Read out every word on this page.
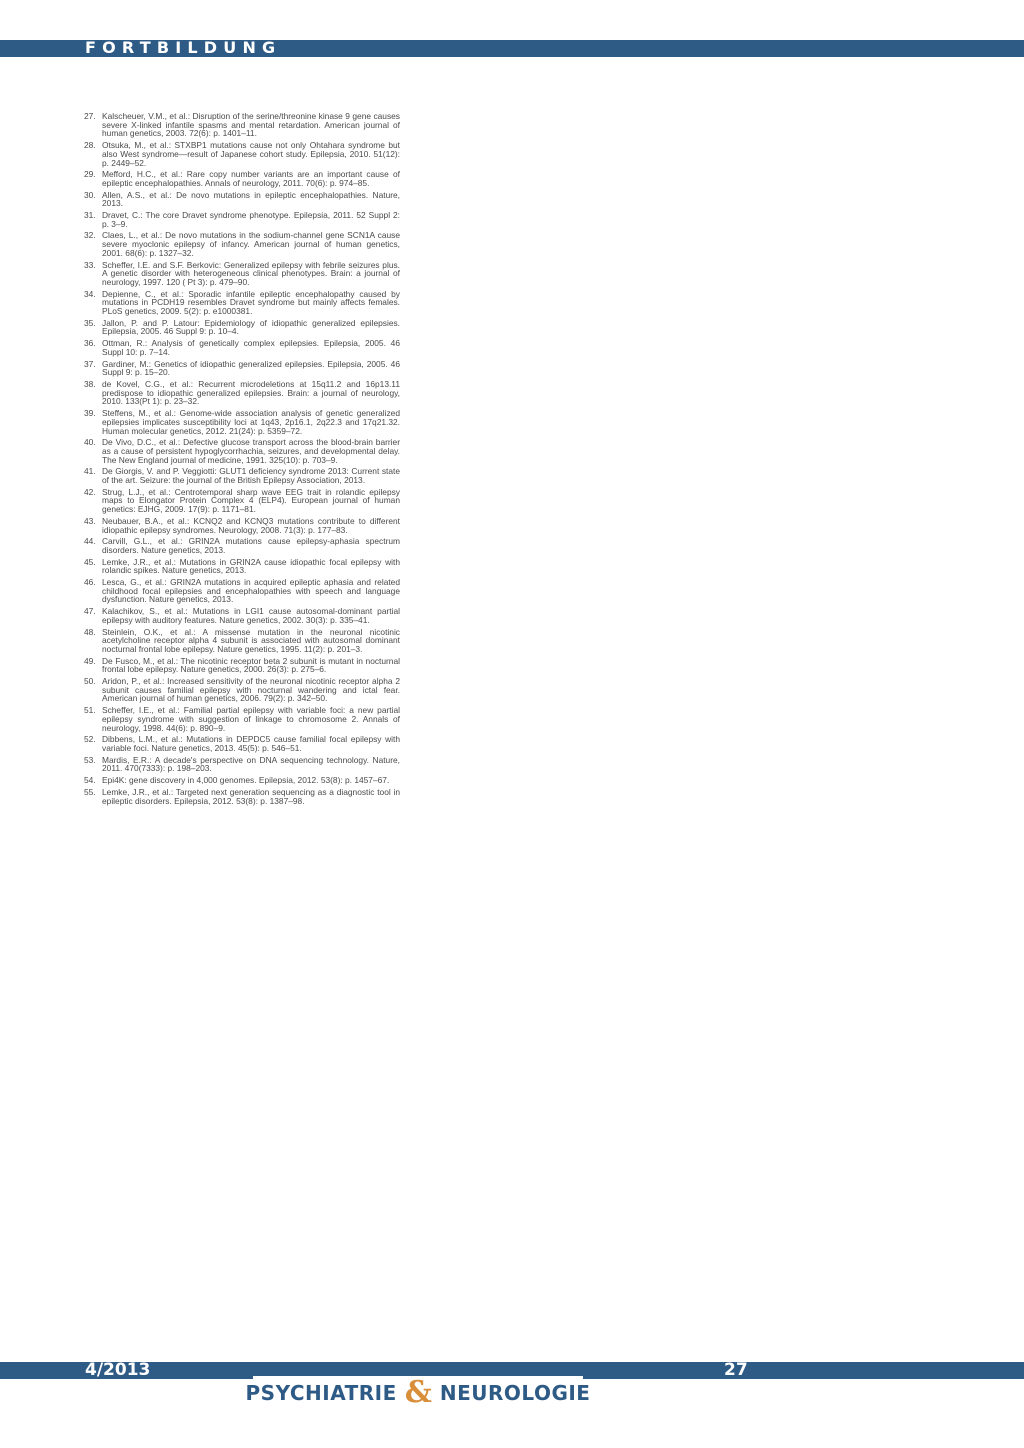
FORTBILDUNG
27. Kalscheuer, V.M., et al.: Disruption of the serine/threonine kinase 9 gene causes severe X-linked infantile spasms and mental retardation. American journal of human genetics, 2003. 72(6): p. 1401–11.
28. Otsuka, M., et al.: STXBP1 mutations cause not only Ohtahara syndrome but also West syndrome—result of Japanese cohort study. Epilepsia, 2010. 51(12): p. 2449–52.
29. Mefford, H.C., et al.: Rare copy number variants are an important cause of epileptic encephalopathies. Annals of neurology, 2011. 70(6): p. 974–85.
30. Allen, A.S., et al.: De novo mutations in epileptic encephalopathies. Nature, 2013.
31. Dravet, C.: The core Dravet syndrome phenotype. Epilepsia, 2011. 52 Suppl 2: p. 3–9.
32. Claes, L., et al.: De novo mutations in the sodium-channel gene SCN1A cause severe myoclonic epilepsy of infancy. American journal of human genetics, 2001. 68(6): p. 1327–32.
33. Scheffer, I.E. and S.F. Berkovic: Generalized epilepsy with febrile seizures plus. A genetic disorder with heterogeneous clinical phenotypes. Brain: a journal of neurology, 1997. 120 ( Pt 3): p. 479–90.
34. Depienne, C., et al.: Sporadic infantile epileptic encephalopathy caused by mutations in PCDH19 resembles Dravet syndrome but mainly affects females. PLoS genetics, 2009. 5(2): p. e1000381.
35. Jallon, P. and P. Latour: Epidemiology of idiopathic generalized epilepsies. Epilepsia, 2005. 46 Suppl 9: p. 10–4.
36. Ottman, R.: Analysis of genetically complex epilepsies. Epilepsia, 2005. 46 Suppl 10: p. 7–14.
37. Gardiner, M.: Genetics of idiopathic generalized epilepsies. Epilepsia, 2005. 46 Suppl 9: p. 15–20.
38. de Kovel, C.G., et al.: Recurrent microdeletions at 15q11.2 and 16p13.11 predispose to idiopathic generalized epilepsies. Brain: a journal of neurology, 2010. 133(Pt 1): p. 23–32.
39. Steffens, M., et al.: Genome-wide association analysis of genetic generalized epilepsies implicates susceptibility loci at 1q43, 2p16.1, 2q22.3 and 17q21.32. Human molecular genetics, 2012. 21(24): p. 5359–72.
40. De Vivo, D.C., et al.: Defective glucose transport across the blood-brain barrier as a cause of persistent hypoglycorrhachia, seizures, and developmental delay. The New England journal of medicine, 1991. 325(10): p. 703–9.
41. De Giorgis, V. and P. Veggiotti: GLUT1 deficiency syndrome 2013: Current state of the art. Seizure: the journal of the British Epilepsy Association, 2013.
42. Strug, L.J., et al.: Centrotemporal sharp wave EEG trait in rolandic epilepsy maps to Elongator Protein Complex 4 (ELP4). European journal of human genetics: EJHG, 2009. 17(9): p. 1171–81.
43. Neubauer, B.A., et al.: KCNQ2 and KCNQ3 mutations contribute to different idiopathic epilepsy syndromes. Neurology, 2008. 71(3): p. 177–83.
44. Carvill, G.L., et al.: GRIN2A mutations cause epilepsy-aphasia spectrum disorders. Nature genetics, 2013.
45. Lemke, J.R., et al.: Mutations in GRIN2A cause idiopathic focal epilepsy with rolandic spikes. Nature genetics, 2013.
46. Lesca, G., et al.: GRIN2A mutations in acquired epileptic aphasia and related childhood focal epilepsies and encephalopathies with speech and language dysfunction. Nature genetics, 2013.
47. Kalachikov, S., et al.: Mutations in LGI1 cause autosomal-dominant partial epilepsy with auditory features. Nature genetics, 2002. 30(3): p. 335–41.
48. Steinlein, O.K., et al.: A missense mutation in the neuronal nicotinic acetylcholine receptor alpha 4 subunit is associated with autosomal dominant nocturnal frontal lobe epilepsy. Nature genetics, 1995. 11(2): p. 201–3.
49. De Fusco, M., et al.: The nicotinic receptor beta 2 subunit is mutant in nocturnal frontal lobe epilepsy. Nature genetics, 2000. 26(3): p. 275–6.
50. Aridon, P., et al.: Increased sensitivity of the neuronal nicotinic receptor alpha 2 subunit causes familial epilepsy with nocturnal wandering and ictal fear. American journal of human genetics, 2006. 79(2): p. 342–50.
51. Scheffer, I.E., et al.: Familial partial epilepsy with variable foci: a new partial epilepsy syndrome with suggestion of linkage to chromosome 2. Annals of neurology, 1998. 44(6): p. 890–9.
52. Dibbens, L.M., et al.: Mutations in DEPDC5 cause familial focal epilepsy with variable foci. Nature genetics, 2013. 45(5): p. 546–51.
53. Mardis, E.R.: A decade's perspective on DNA sequencing technology. Nature, 2011. 470(7333): p. 198–203.
54. Epi4K: gene discovery in 4,000 genomes. Epilepsia, 2012. 53(8): p. 1457–67.
55. Lemke, J.R., et al.: Targeted next generation sequencing as a diagnostic tool in epileptic disorders. Epilepsia, 2012. 53(8): p. 1387–98.
4/2013	27
PSYCHIATRIE & NEUROLOGIE
